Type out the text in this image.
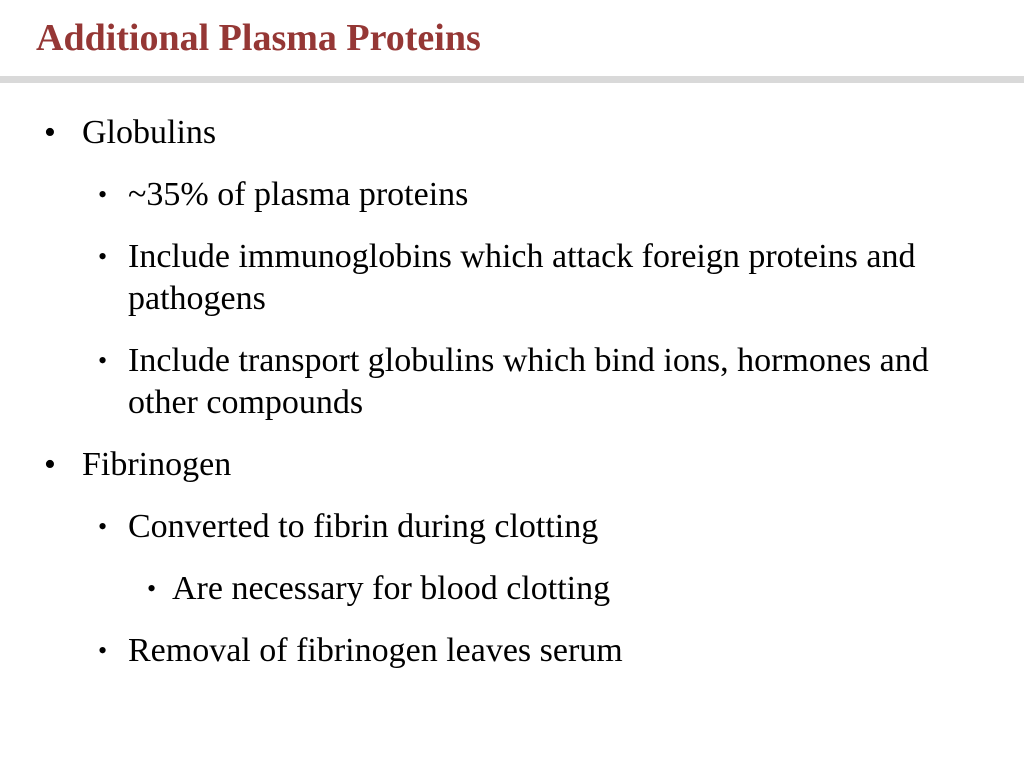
Additional Plasma Proteins
• Globulins
• ~35% of plasma proteins
• Include immunoglobins which attack foreign proteins and pathogens
• Include transport globulins which bind ions, hormones and other compounds
• Fibrinogen
• Converted to fibrin during clotting
• Are necessary for blood clotting
• Removal of fibrinogen leaves serum
